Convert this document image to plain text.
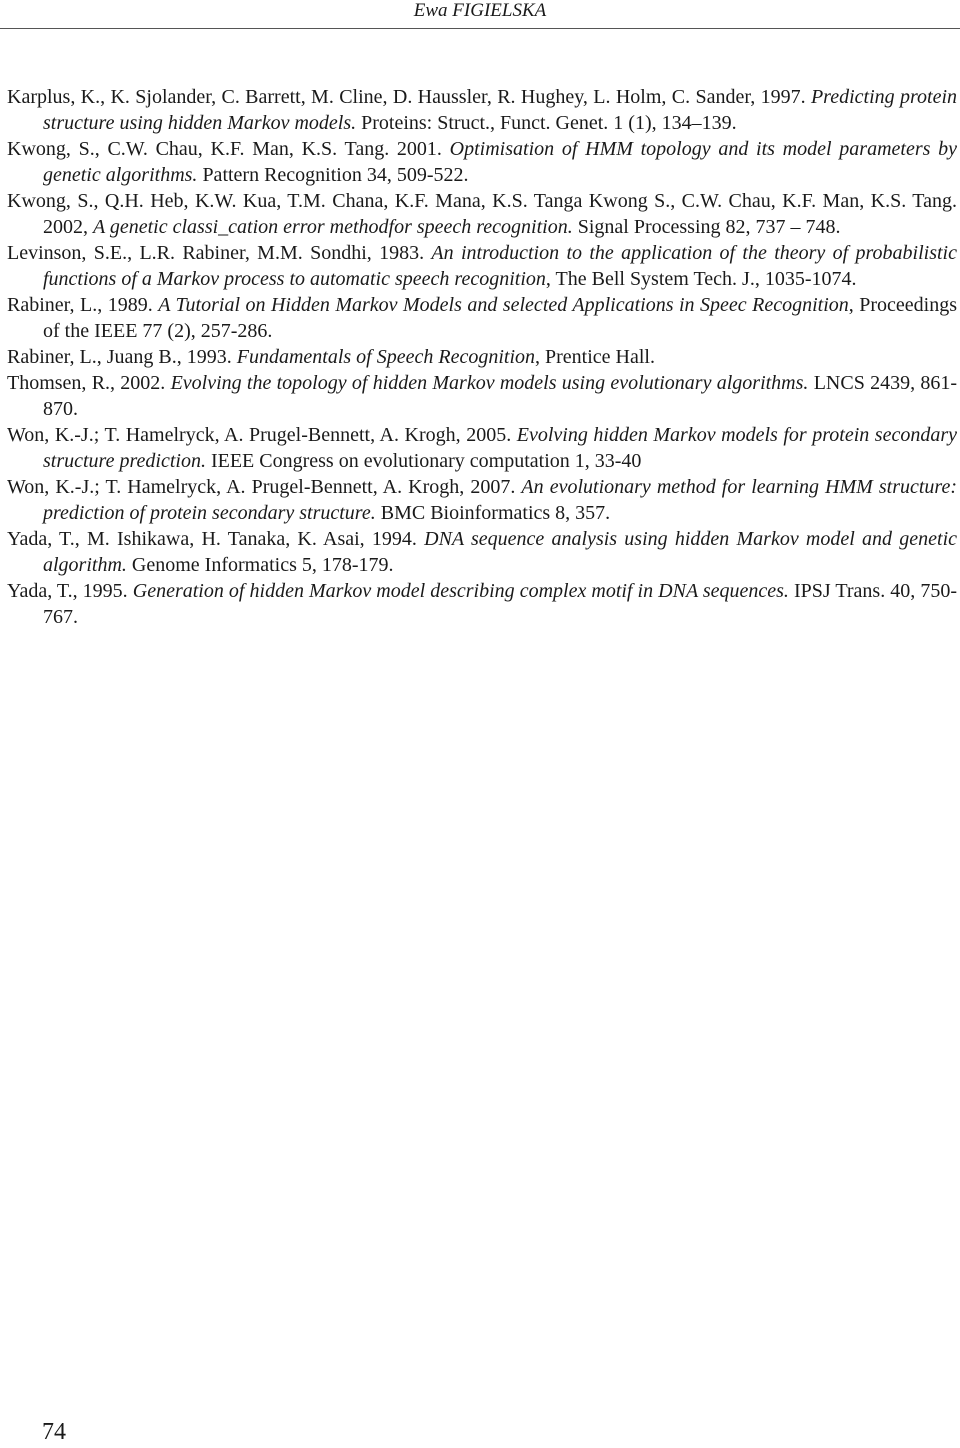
Ewa FIGIELSKA
Karplus, K., K. Sjolander, C. Barrett, M. Cline, D. Haussler, R. Hughey, L. Holm, C. Sander, 1997. Predicting protein structure using hidden Markov models. Proteins: Struct., Funct. Genet. 1 (1), 134–139.
Kwong, S., C.W. Chau, K.F. Man, K.S. Tang. 2001. Optimisation of HMM topology and its model parameters by genetic algorithms. Pattern Recognition 34, 509-522.
Kwong, S., Q.H. Heb, K.W. Kua, T.M. Chana, K.F. Mana, K.S. Tanga Kwong S., C.W. Chau, K.F. Man, K.S. Tang. 2002, A genetic classi_cation error methodfor speech recognition. Signal Processing 82, 737 – 748.
Levinson, S.E., L.R. Rabiner, M.M. Sondhi, 1983. An introduction to the application of the theory of probabilistic functions of a Markov process to automatic speech recognition, The Bell System Tech. J., 1035-1074.
Rabiner, L., 1989. A Tutorial on Hidden Markov Models and selected Applications in Speec Recognition, Proceedings of the IEEE 77 (2), 257-286.
Rabiner, L., Juang B., 1993. Fundamentals of Speech Recognition, Prentice Hall.
Thomsen, R., 2002. Evolving the topology of hidden Markov models using evolutionary algorithms. LNCS 2439, 861-870.
Won, K.-J.; T. Hamelryck, A. Prugel-Bennett, A. Krogh, 2005. Evolving hidden Markov models for protein secondary structure prediction. IEEE Congress on evolutionary computation 1, 33-40
Won, K.-J.; T. Hamelryck, A. Prugel-Bennett, A. Krogh, 2007. An evolutionary method for learning HMM structure: prediction of protein secondary structure. BMC Bioinformatics 8, 357.
Yada, T., M. Ishikawa, H. Tanaka, K. Asai, 1994. DNA sequence analysis using hidden Markov model and genetic algorithm. Genome Informatics 5, 178-179.
Yada, T., 1995. Generation of hidden Markov model describing complex motif in DNA sequences. IPSJ Trans. 40, 750-767.
74
